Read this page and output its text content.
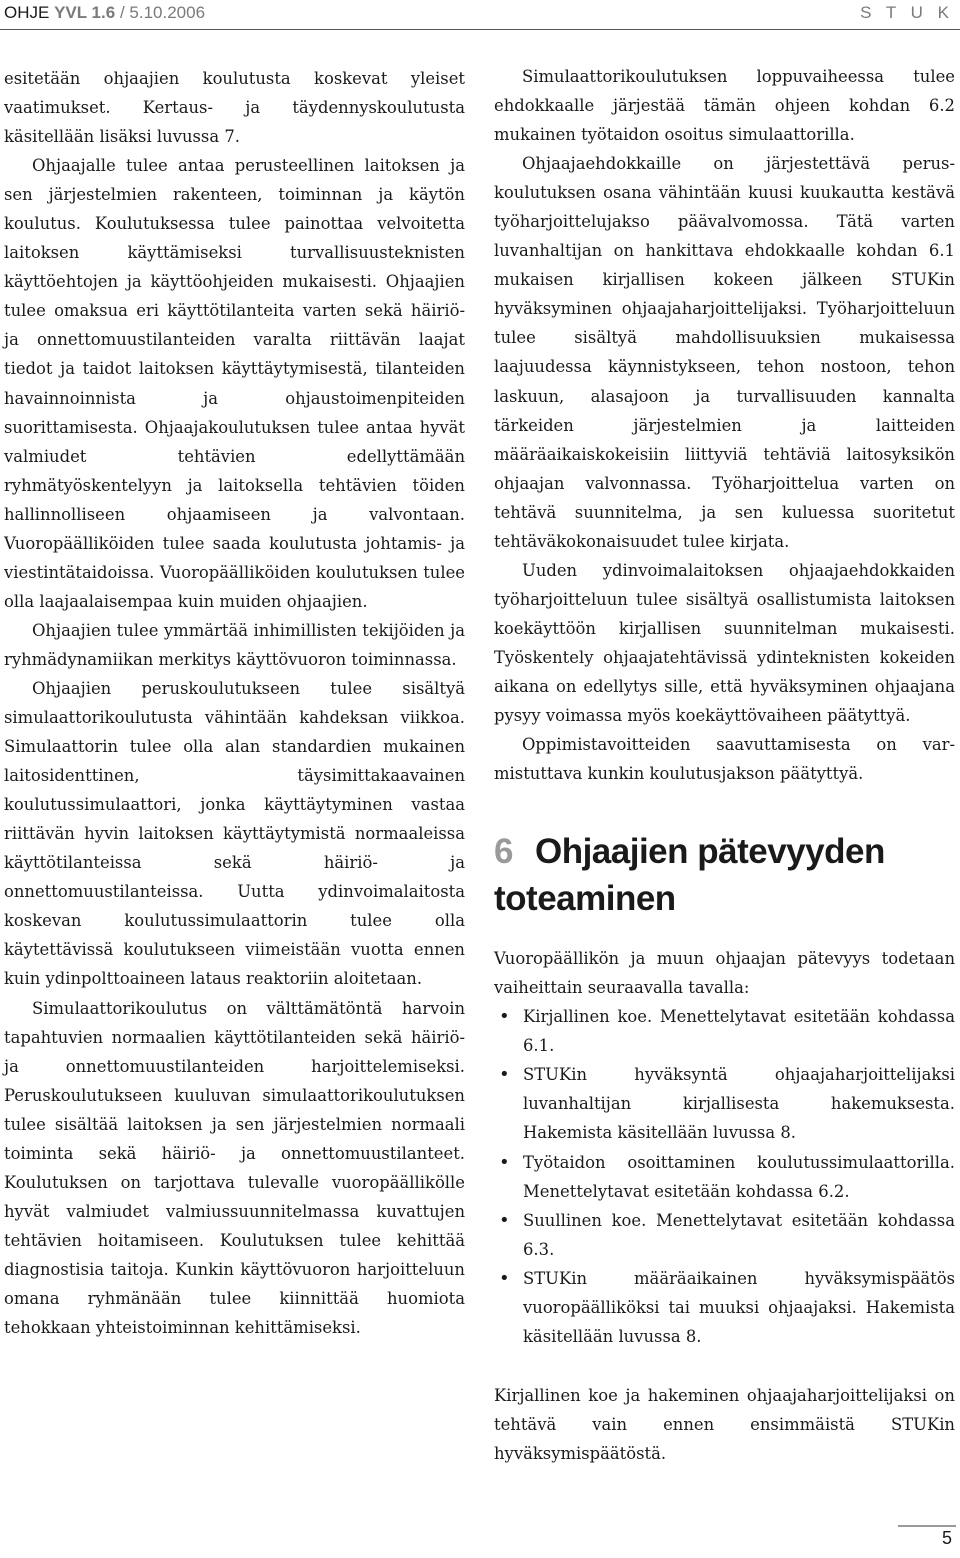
OHJE YVL 1.6 / 5.10.2006	S T U K

esitetään ohjaajien koulutusta koskevat yleiset vaatimukset. Kertaus- ja täydennyskoulutusta käsitellään lisäksi luvussa 7.

Ohjaajalle tulee antaa perusteellinen laitoksen ja sen järjestelmien rakenteen, toiminnan ja käytön koulutus. Koulutuksessa tulee painottaa velvoitetta laitoksen käyttämiseksi turvallisuusteknisten käyttöehtojen ja käyttöohjeiden mukaisesti. Ohjaajien tulee omaksua eri käyttötilanteita varten sekä häiriö- ja onnettomuustilanteiden varalta riittävän laajat tiedot ja taidot laitoksen käyttäytymisestä, tilanteiden havainnoinnista ja ohjaustoimenpiteiden suorittamisesta. Ohjaajakoulutuksen tulee antaa hyvät valmiudet tehtävien edellyttämään ryhmätyöskentelyyn ja laitoksella tehtävien töiden hallinnolliseen ohjaamiseen ja valvontaan. Vuoropäälliköiden tulee saada koulutusta johtamis- ja viestintätaidoissa. Vuoropäälliköiden koulutuksen tulee olla laajaalaisempaa kuin muiden ohjaajien.

Ohjaajien tulee ymmärtää inhimillisten tekijöiden ja ryhmädynamiikan merkitys käyttövuoron toiminnassa.

Ohjaajien peruskoulutukseen tulee sisältyä simulaattorikoulutusta vähintään kahdeksan viikkoa. Simulaattorin tulee olla alan standardien mukainen laitosidenttinen, täysimittakaavainen koulutussimulaattori, jonka käyttäytyminen vastaa riittävän hyvin laitoksen käyttäytymistä normaaleissa käyttötilanteissa sekä häiriö- ja onnettomuustilanteissa. Uutta ydinvoimalaitosta koskevan koulutussimulaattorin tulee olla käytettävissä koulutukseen viimeistään vuotta ennen kuin ydinpolttoaineen lataus reaktoriin aloitetaan.

Simulaattorikoulutus on välttämätöntä harvoin tapahtuvien normaalien käyttötilanteiden sekä häiriö- ja onnettomuustilanteiden harjoittelemiseksi. Peruskoulutukseen kuuluvan simulaattorikoulutuksen tulee sisältää laitoksen ja sen järjestelmien normaali toiminta sekä häiriö- ja onnettomuustilanteet. Koulutuksen on tarjottava tulevalle vuoropäällikölle hyvät valmiudet valmiussuunnitelmassa kuvattujen tehtävien hoitamiseen. Koulutuksen tulee kehittää diagnostisia taitoja. Kunkin käyttövuoron harjoitteluun omana ryhmänään tulee kiinnittää huomiota tehokkaan yhteistoiminnan kehittämiseksi.

Simulaattorikoulutuksen loppuvaiheessa tulee ehdokkaalle järjestää tämän ohjeen kohdan 6.2 mukainen työtaidon osoitus simulaattorilla.

Ohjaajaehdokkaille on järjestettävä peruskoulutuksen osana vähintään kuusi kuukautta kestävä työharjoittelujakso päävalvomossa. Tätä varten luvanhaltijan on hankittava ehdokkaalle kohdan 6.1 mukaisen kirjallisen kokeen jälkeen STUKin hyväksyminen ohjaajaharjoittelijaksi. Työharjoitteluun tulee sisältyä mahdollisuuksien mukaisessa laajuudessa käynnistykseen, tehon nostoon, tehon laskuun, alasajoon ja turvallisuuden kannalta tärkeiden järjestelmien ja laitteiden määräaikaiskokeisiin liittyviä tehtäviä laitosyksikön ohjaajan valvonnassa. Työharjoittelua varten on tehtävä suunnitelma, ja sen kuluessa suoritetut tehtäväkokonaisuudet tulee kirjata.

Uuden ydinvoimalaitoksen ohjaajaehdokkaiden työharjoitteluun tulee sisältyä osallistumista laitoksen koekäyttöön kirjallisen suunnitelman mukaisesti. Työskentely ohjaajatehtävissä ydinteknisten kokeiden aikana on edellytys sille, että hyväksyminen ohjaajana pysyy voimassa myös koekäyttövaiheen päätyttyä.

Oppimistavoitteiden saavuttamisesta on varmistuttava kunkin koulutusjakson päätyttyä.

6 Ohjaajien pätevyyden toteaminen

Vuoropäällikön ja muun ohjaajan pätevyys todetaan vaiheittain seuraavalla tavalla:

• Kirjallinen koe. Menettelytavat esitetään kohdassa 6.1.
• STUKin hyväksyntä ohjaajaharjoittelijaksi luvanhaltijan kirjallisesta hakemuksesta. Hakemista käsitellään luvussa 8.
• Työtaidon osoittaminen koulutussimulaattorilla. Menettelytavat esitetään kohdassa 6.2.
• Suullinen koe. Menettelytavat esitetään kohdassa 6.3.
• STUKin määräaikainen hyväksymispäätös vuoropäälliköksi tai muuksi ohjaajaksi. Hakemista käsitellään luvussa 8.

Kirjallinen koe ja hakeminen ohjaajaharjoittelijaksi on tehtävä vain ennen ensimmäistä STUKin hyväksymispäätöstä.

5
